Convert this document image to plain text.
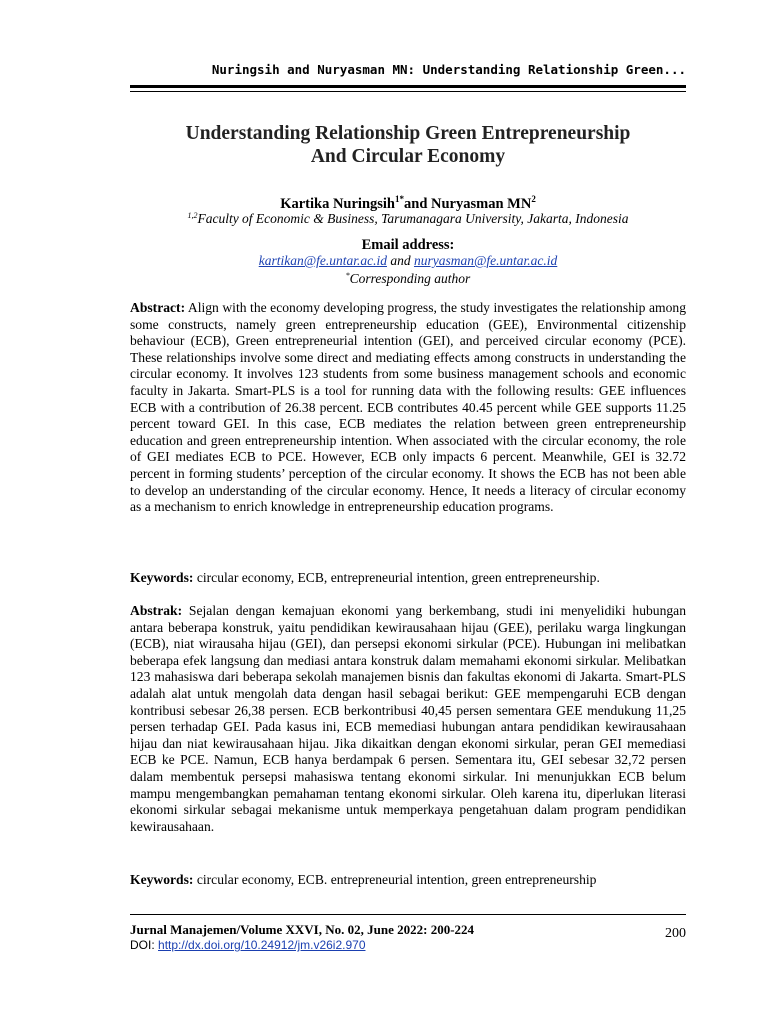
Nuringsih and Nuryasman MN: Understanding Relationship Green...
Understanding Relationship Green Entrepreneurship
And Circular Economy
Kartika Nuringsih$^{1*}$and Nuryasman $MN^2$
$^{1,2}$Faculty of Economic & Business, Tarumanagara University, Jakarta, Indonesia
Email address:
kartikan@fe.untar.ac.id and nuryasman@fe.untar.ac.id
*Corresponding author
Abstract: Align with the economy developing progress, the study investigates the relationship among some constructs, namely green entrepreneurship education (GEE), Environmental citizenship behaviour (ECB), Green entrepreneurial intention (GEI), and perceived circular economy (PCE). These relationships involve some direct and mediating effects among constructs in understanding the circular economy. It involves 123 students from some business management schools and economic faculty in Jakarta. Smart-PLS is a tool for running data with the following results: GEE influences ECB with a contribution of 26.38 percent. ECB contributes 40.45 percent while GEE supports 11.25 percent toward GEI. In this case, ECB mediates the relation between green entrepreneurship education and green entrepreneurship intention. When associated with the circular economy, the role of GEI mediates ECB to PCE. However, ECB only impacts 6 percent. Meanwhile, GEI is 32.72 percent in forming students’ perception of the circular economy. It shows the ECB has not been able to develop an understanding of the circular economy. Hence, It needs a literacy of circular economy as a mechanism to enrich knowledge in entrepreneurship education programs.
Keywords: circular economy, ECB, entrepreneurial intention, green entrepreneurship.
Abstrak: Sejalan dengan kemajuan ekonomi yang berkembang, studi ini menyelidiki hubungan antara beberapa konstruk, yaitu pendidikan kewirausahaan hijau (GEE), perilaku warga lingkungan (ECB), niat wirausaha hijau (GEI), dan persepsi ekonomi sirkular (PCE). Hubungan ini melibatkan beberapa efek langsung dan mediasi antara konstruk dalam memahami ekonomi sirkular. Melibatkan 123 mahasiswa dari beberapa sekolah manajemen bisnis dan fakultas ekonomi di Jakarta. Smart-PLS adalah alat untuk mengolah data dengan hasil sebagai berikut: GEE mempengaruhi ECB dengan kontribusi sebesar 26,38 persen. ECB berkontribusi 40,45 persen sementara GEE mendukung 11,25 persen terhadap GEI. Pada kasus ini, ECB memediasi hubungan antara pendidikan kewirausahaan hijau dan niat kewirausahaan hijau. Jika dikaitkan dengan ekonomi sirkular, peran GEI memediasi ECB ke PCE. Namun, ECB hanya berdampak 6 persen. Sementara itu, GEI sebesar 32,72 persen dalam membentuk persepsi mahasiswa tentang ekonomi sirkular. Ini menunjukkan ECB belum mampu mengembangkan pemahaman tentang ekonomi sirkular. Oleh karena itu, diperlukan literasi ekonomi sirkular sebagai mekanisme untuk memperkaya pengetahuan dalam program pendidikan kewirausahaan.
Keywords: circular economy, ECB. entrepreneurial intention, green entrepreneurship
Jurnal Manajemen/Volume XXVI, No. 02, June 2022: 200-224
DOI: http://dx.doi.org/10.24912/jm.v26i2.970
200
